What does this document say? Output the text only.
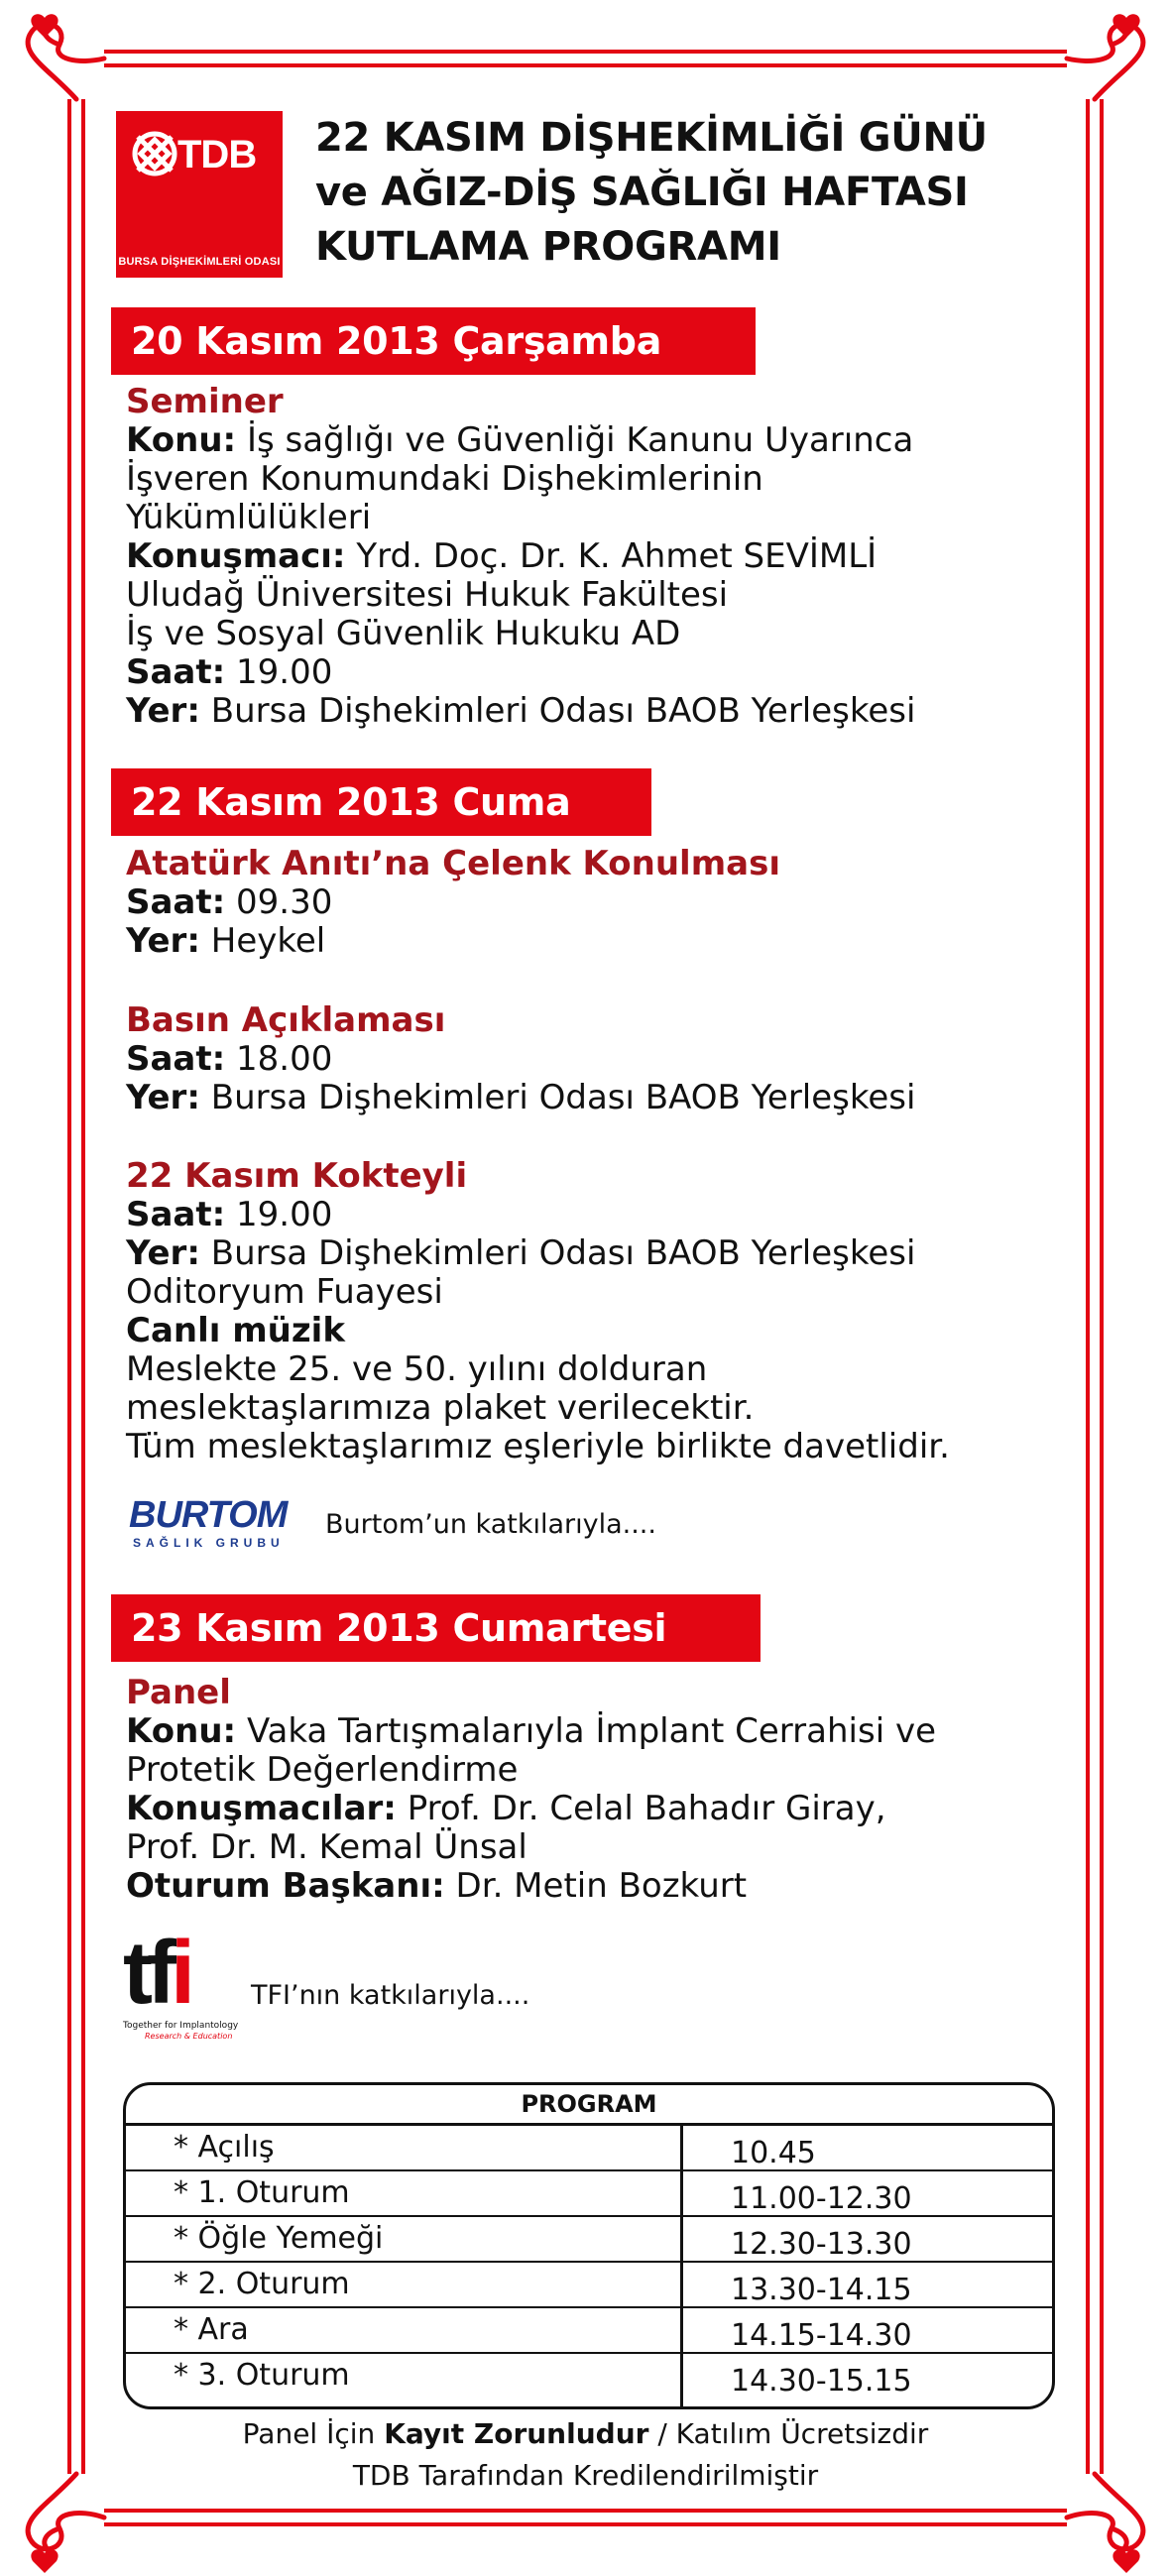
TDB
BURSA DİŞHEKİMLERİ ODASI
22 KASIM DİŞHEKİMLİĞİ GÜNÜ
ve AĞIZ-DİŞ SAĞLIĞI HAFTASI
KUTLAMA PROGRAMI
20 Kasım 2013 Çarşamba
Seminer
Konu: İş sağlığı ve Güvenliği Kanunu Uyarınca
İşveren Konumundaki Dişhekimlerinin
Yükümlülükleri
Konuşmacı: Yrd. Doç. Dr. K. Ahmet SEVİMLİ
Uludağ Üniversitesi Hukuk Fakültesi
İş ve Sosyal Güvenlik Hukuku AD
Saat: 19.00
Yer: Bursa Dişhekimleri Odası BAOB Yerleşkesi
22 Kasım 2013 Cuma
Atatürk Anıtı’na Çelenk Konulması
Saat: 09.30
Yer: Heykel
Basın Açıklaması
Saat: 18.00
Yer: Bursa Dişhekimleri Odası BAOB Yerleşkesi
22 Kasım Kokteyli
Saat: 19.00
Yer: Bursa Dişhekimleri Odası BAOB Yerleşkesi
Oditoryum Fuayesi
Canlı müzik
Meslekte 25. ve 50. yılını dolduran
meslektaşlarımıza plaket verilecektir.
Tüm meslektaşlarımız eşleriyle birlikte davetlidir.
BURTOM
SAĞLIK GRUBU
Burtom’un katkılarıyla....
23 Kasım 2013 Cumartesi
Panel
Konu: Vaka Tartışmalarıyla İmplant Cerrahisi ve
Protetik Değerlendirme
Konuşmacılar: Prof. Dr. Celal Bahadır Giray,
Prof. Dr. M. Kemal Ünsal
Oturum Başkanı: Dr. Metin Bozkurt
tfi
Together for Implantology
Research & Education
TFI’nın katkılarıyla....
PROGRAM
* Açılış	10.45
* 1. Oturum	11.00-12.30
* Öğle Yemeği	12.30-13.30
* 2. Oturum	13.30-14.15
* Ara	14.15-14.30
* 3. Oturum	14.30-15.15
Panel İçin Kayıt Zorunludur / Katılım Ücretsizdir
TDB Tarafından Kredilendirilmiştir
